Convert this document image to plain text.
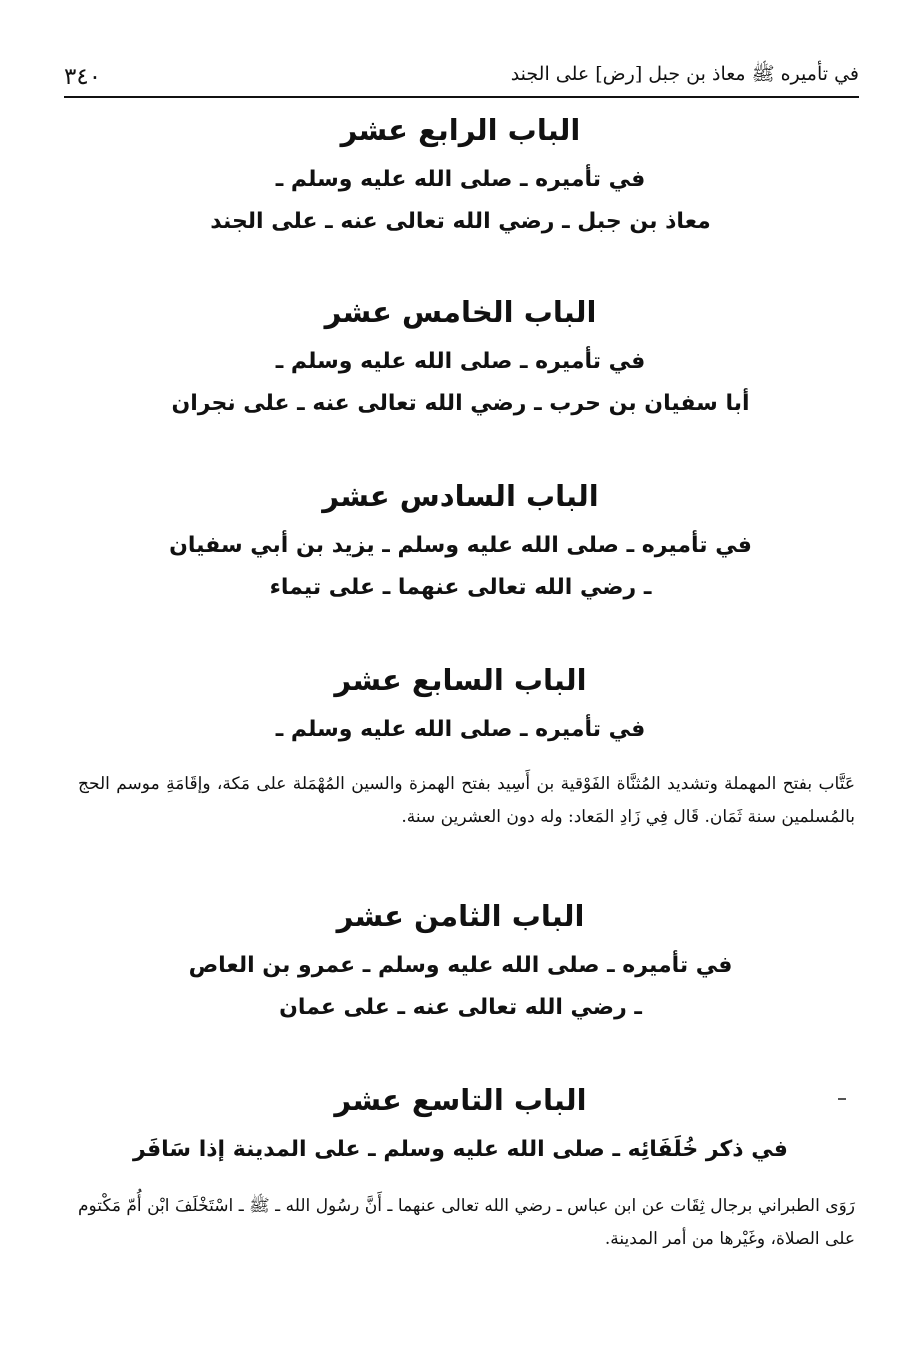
٣٤٠	في تأميره ﷺ معاذ بن جبل [رض] على الجند
الباب الرابع عشر

في تأميره ـ صلى الله عليه وسلم ـ

معاذ بن جبل ـ رضي الله تعالى عنه ـ على الجند

الباب الخامس عشر

في تأميره ـ صلى الله عليه وسلم ـ

أبا سفيان بن حرب ـ رضي الله تعالى عنه ـ على نجران

الباب السادس عشر

في تأميره ـ صلى الله عليه وسلم ـ يزيد بن أبي سفيان

ـ رضي الله تعالى عنهما ـ على تيماء

الباب السابع عشر

في تأميره ـ صلى الله عليه وسلم ـ

عَتَّاب بفتح المهملة وتشديد المُثنَّاة الفَوْقية بن أَسِيد بفتح الهمزة والسين المُهْمَلة على مَكة، وإقَامَةِ موسم الحج بالمُسلمين سنة ثَمَان. قَال فِي زَادِ المَعاد: وله دون العشرين سنة.

الباب الثامن عشر

في تأميره ـ صلى الله عليه وسلم ـ عمرو بن العاص

ـ رضي الله تعالى عنه ـ على عمان

الباب التاسع عشر

في ذكر خُلَفَائِه ـ صلى الله عليه وسلم ـ على المدينة إذا سَافَر

رَوَى الطبراني برجال ثِقَات عن ابن عباس ـ رضي الله تعالى عنهما ـ أَنَّ رسُول الله ـ ﷺ ـ اسْتَخْلَفَ ابْن أُمّ مَكْتوم على الصلاة، وغَيْرها من أمر المدينة.
